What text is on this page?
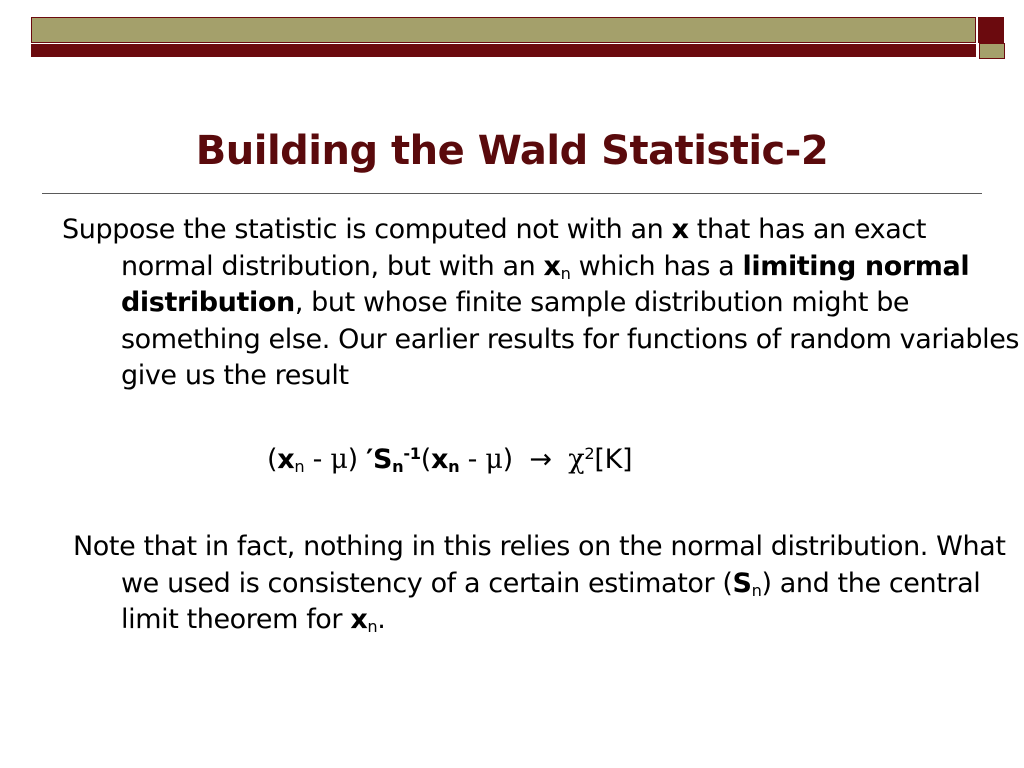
Building the Wald Statistic-2

Suppose the statistic is computed not with an x that has an exact normal distribution, but with an $x_n$ which has a limiting normal distribution, but whose finite sample distribution might be something else. Our earlier results for functions of random variables give us the result

$(x_n - \mu)$ $'S_n^{-1}(x_n - \mu) \to \chi^2[K]$

Note that in fact, nothing in this relies on the normal distribution. What we used is consistency of a certain estimator $(S_n)$ and the central limit theorem for $x_n$.
